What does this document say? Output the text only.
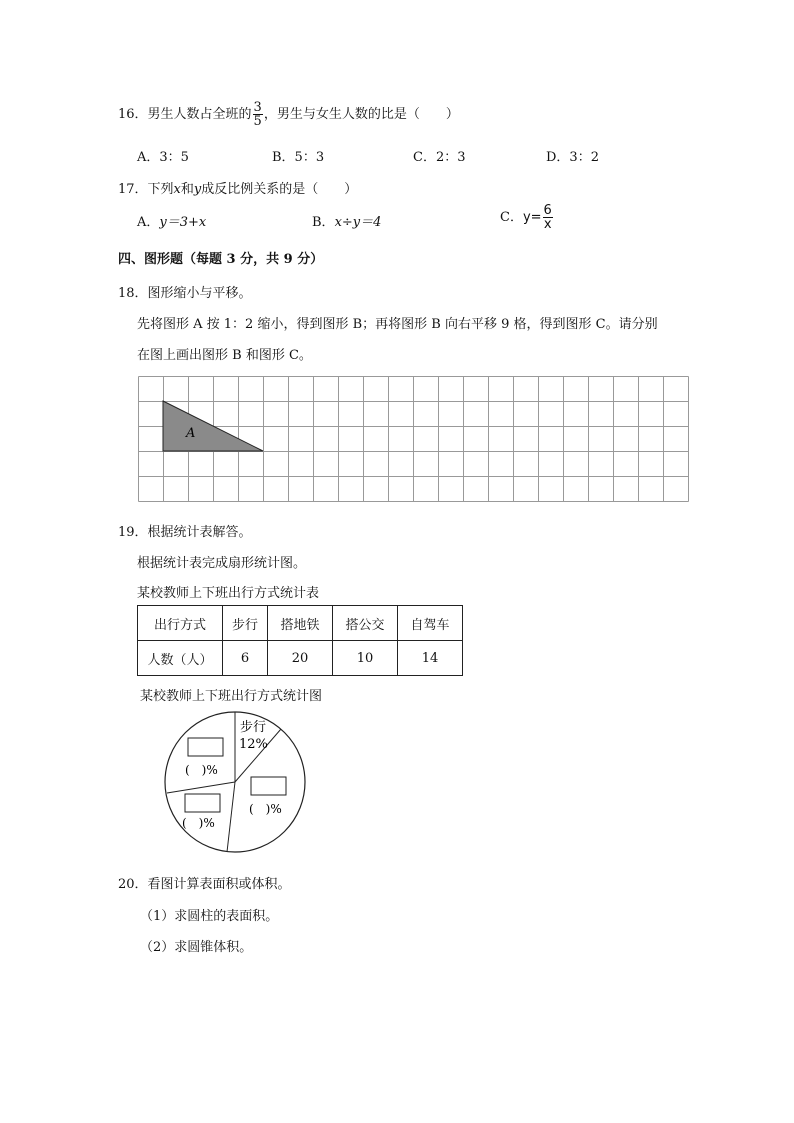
16．男生人数占全班的 $\frac{3}{5}$ ，男生与女生人数的比是（　　）
A．3：5	B．5：3	C．2：3	D．3：2
17．下列x和y成反比例关系的是（　　）
A．y＝3+x	B．x÷y＝4	C．$y= \frac{6}{x}$
四、图形题（每题 3 分，共 9 分）
18．图形缩小与平移。
先将图形 A 按 1：2 缩小，得到图形 B；再将图形 B 向右平移 9 格，得到图形 C。请分别
在图上画出图形 B 和图形 C。
A
19．根据统计表解答。
根据统计表完成扇形统计图。
某校教师上下班出行方式统计表
出行方式	步行	搭地铁	搭公交	自驾车
人数（人）	6	20	10	14
某校教师上下班出行方式统计图
步行
12%
(　)%
(　)%
(　)%
20．看图计算表面积或体积。
（1）求圆柱的表面积。
（2）求圆锥体积。
